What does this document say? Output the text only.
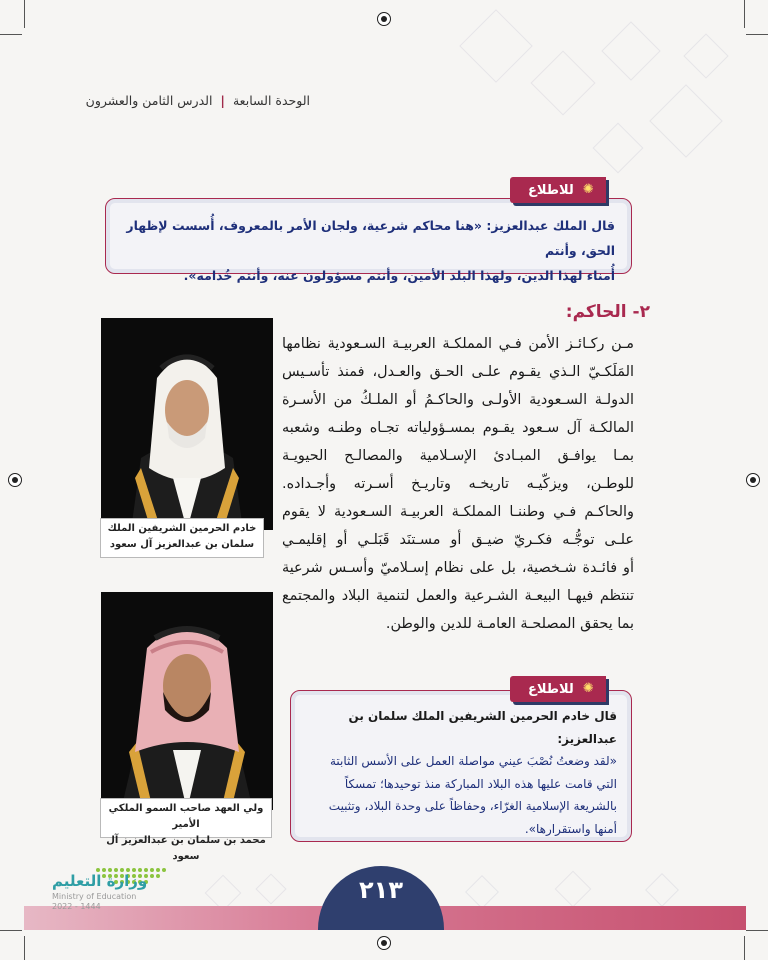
الوحدة السابعة | الدرس الثامن والعشرون

قال الملك عبدالعزيز: «هنا محاكم شرعية، ولجان الأمر بالمعروف، أُسست لإظهار الحق، وأنتم
أُمناء لهذا الدين، ولهذا البلد الأمين، وأنتم مسؤولون عنه، وأنتم خُدامه».

✺
للاطلاع
٢- الحاكم:
مـن ركـائـز الأمن فـي المملكـة العربيـة السـعودية نظامها
المَلَكـيّ الـذي يقـوم علـى الحـق والعـدل، فمنذ تأسـيس
الدولـة السـعودية الأولـى والحاكـمُ أو الملـكُ من الأسـرة
المالكـة آل سـعود يقـوم بمسـؤولياته تجـاه وطنـه وشعبه
بمـا يوافـق المبـادئ الإسـلامية والمصالـح الحيويـة
للوطـن، ويزكّيـه تاريخـه وتاريـخ أسـرته وأجـداده.
والحاكـم فـي وطننـا المملكـة العربيـة السـعودية لا يقوم
علـى توجُّـه فكـريّ ضيـق أو مسـتنَد قَبَلـي أو إقليمـي
أو فائـدة شـخصية، بل على نظام إسـلاميّ وأسـس شرعية
تنتظم فيهـا البيعـة الشـرعية والعمل لتنمية البلاد والمجتمع
بما يحقق المصلحـة العامـة للدين والوطن.
خادم الحرمين الشريفين الملك
سلمان بن عبدالعزيز آل سعود
ولي العهد صاحب السمو الملكي الأمير
محمد بن سلمان بن عبدالعزيز آل سعود

قال خادم الحرمين الشريفين الملك سلمان بن عبدالعزيز:
«لقد وضعتُ نُصْبَ عيني مواصلة العمل على الأسس الثابتة
التي قامت عليها هذه البلاد المباركة منذ توحيدها؛ تمسكاً
بالشريعة الإسلامية الغرّاء، وحفاظاً على وحدة البلاد، وتثبيت
أمنها واستقرارها».

✺
للاطلاع
٢١٣
وزارة التعليم
Ministry of Education
2022 - 1444
